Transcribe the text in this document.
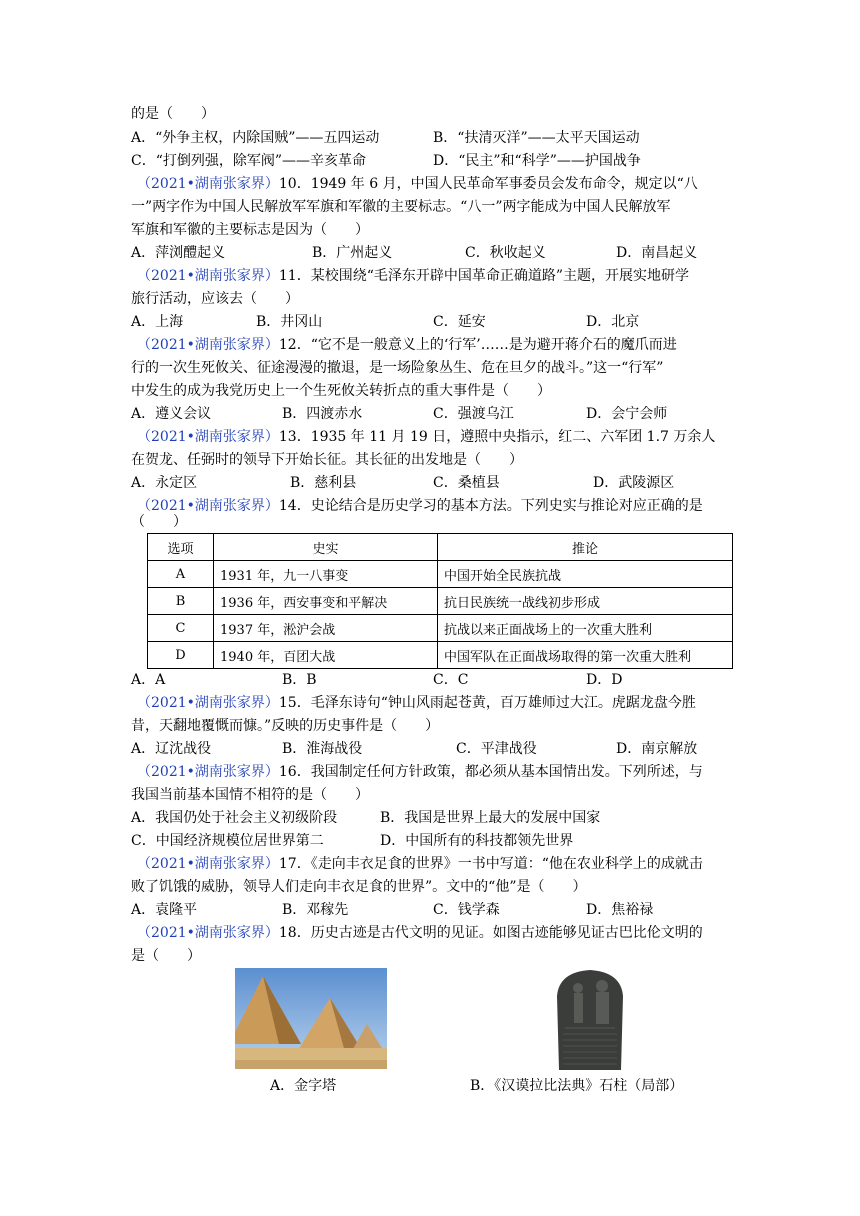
的是（　　）
A．“外争主权，内除国贼”——五四运动	B．“扶清灭洋”——太平天国运动
C．“打倒列强，除军阀”——辛亥革命	D．“民主”和“科学”——护国战争
（2021•湖南张家界）10．1949 年 6 月，中国人民革命军事委员会发布命令，规定以“八
一”两字作为中国人民解放军军旗和军徽的主要标志。“八一”两字能成为中国人民解放军
军旗和军徽的主要标志是因为（　　）
A．萍浏醴起义	B．广州起义	C．秋收起义	D．南昌起义
（2021•湖南张家界）11．某校围绕“毛泽东开辟中国革命正确道路”主题，开展实地研学
旅行活动，应该去（　　）
A．上海	B．井冈山	C．延安	D．北京
（2021•湖南张家界）12．“它不是一般意义上的‘行军’……是为避开蒋介石的魔爪而进
行的一次生死攸关、征途漫漫的撤退，是一场险象丛生、危在旦夕的战斗。”这一“行军”
中发生的成为我党历史上一个生死攸关转折点的重大事件是（　　）
A．遵义会议	B．四渡赤水	C．强渡乌江	D．会宁会师
（2021•湖南张家界）13．1935 年 11 月 19 日，遵照中央指示，红二、六军团 1.7 万余人
在贺龙、任弼时的领导下开始长征。其长征的出发地是（　　）
A．永定区	B．慈利县	C．桑植县	D．武陵源区
（2021•湖南张家界）14．史论结合是历史学习的基本方法。下列史实与推论对应正确的是
（　　）
选项	史实	推论
A	1931 年，九一八事变	中国开始全民族抗战
B	1936 年，西安事变和平解决	抗日民族统一战线初步形成
C	1937 年，淞沪会战	抗战以来正面战场上的一次重大胜利
D	1940 年，百团大战	中国军队在正面战场取得的第一次重大胜利
A．A	B．B	C．C	D．D
（2021•湖南张家界）15．毛泽东诗句“钟山风雨起苍黄，百万雄师过大江。虎踞龙盘今胜
昔，天翻地覆慨而慷。”反映的历史事件是（　　）
A．辽沈战役	B．淮海战役	C．平津战役	D．南京解放
（2021•湖南张家界）16．我国制定任何方针政策，都必须从基本国情出发。下列所述，与
我国当前基本国情不相符的是（　　）
A．我国仍处于社会主义初级阶段	B．我国是世界上最大的发展中国家
C．中国经济规模位居世界第二	D．中国所有的科技都领先世界
（2021•湖南张家界）17．《走向丰衣足食的世界》一书中写道：“他在农业科学上的成就击
败了饥饿的威胁，领导人们走向丰衣足食的世界”。文中的“他”是（　　）
A．袁隆平	B．邓稼先	C．钱学森	D．焦裕禄
（2021•湖南张家界）18．历史古迹是古代文明的见证。如图古迹能够见证古巴比伦文明的
是（　　）
A．金字塔	B．《汉谟拉比法典》石柱（局部）
